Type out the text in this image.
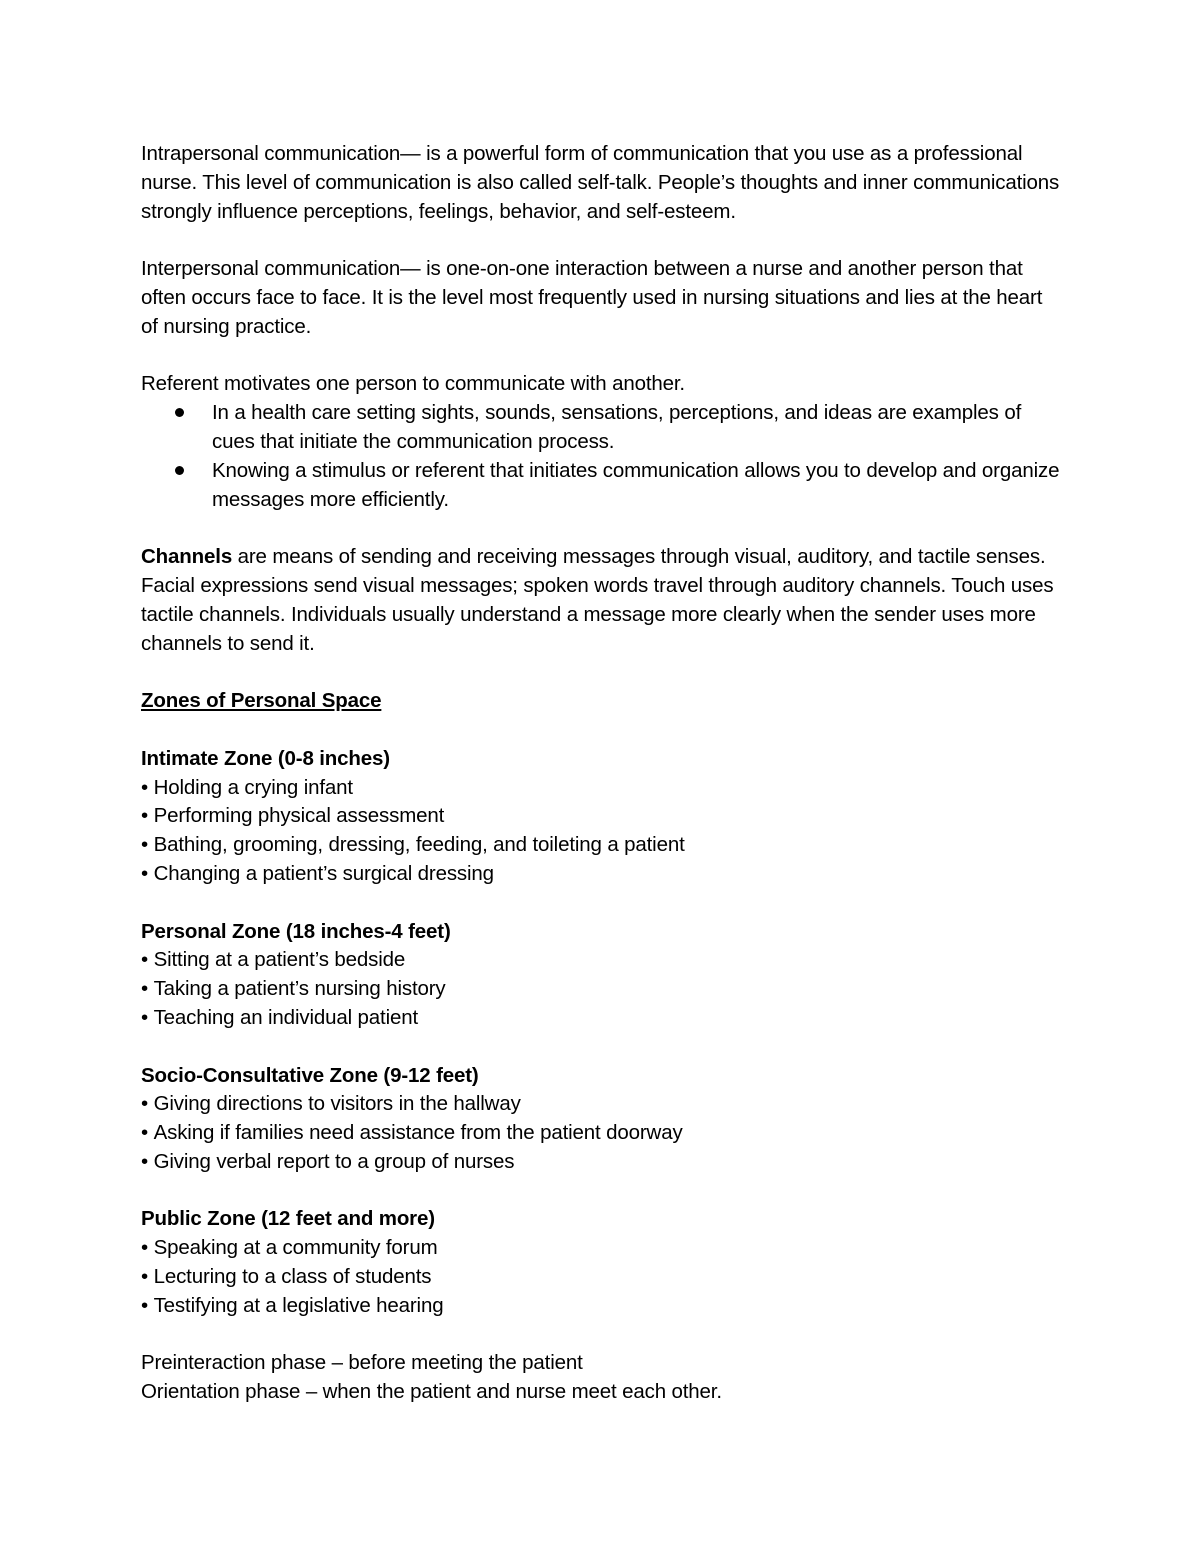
Intrapersonal communication— is a powerful form of communication that you use as a professional nurse. This level of communication is also called self-talk. People’s thoughts and inner communications strongly influence perceptions, feelings, behavior, and self-esteem.

Interpersonal communication— is one-on-one interaction between a nurse and another person that often occurs face to face. It is the level most frequently used in nursing situations and lies at the heart of nursing practice.

Referent motivates one person to communicate with another.

In a health care setting sights, sounds, sensations, perceptions, and ideas are examples of cues that initiate the communication process.
Knowing a stimulus or referent that initiates communication allows you to develop and organize messages more efficiently.

Channels are means of sending and receiving messages through visual, auditory, and tactile senses. Facial expressions send visual messages; spoken words travel through auditory channels. Touch uses tactile channels. Individuals usually understand a message more clearly when the sender uses more channels to send it.

Zones of Personal Space

Intimate Zone (0-8 inches)

• Holding a crying infant

• Performing physical assessment

• Bathing, grooming, dressing, feeding, and toileting a patient

• Changing a patient’s surgical dressing

Personal Zone (18 inches-4 feet)

• Sitting at a patient’s bedside

• Taking a patient’s nursing history

• Teaching an individual patient

Socio-Consultative Zone (9-12 feet)

• Giving directions to visitors in the hallway

• Asking if families need assistance from the patient doorway

• Giving verbal report to a group of nurses

Public Zone (12 feet and more)

• Speaking at a community forum

• Lecturing to a class of students

• Testifying at a legislative hearing

Preinteraction phase – before meeting the patient

Orientation phase – when the patient and nurse meet each other.
